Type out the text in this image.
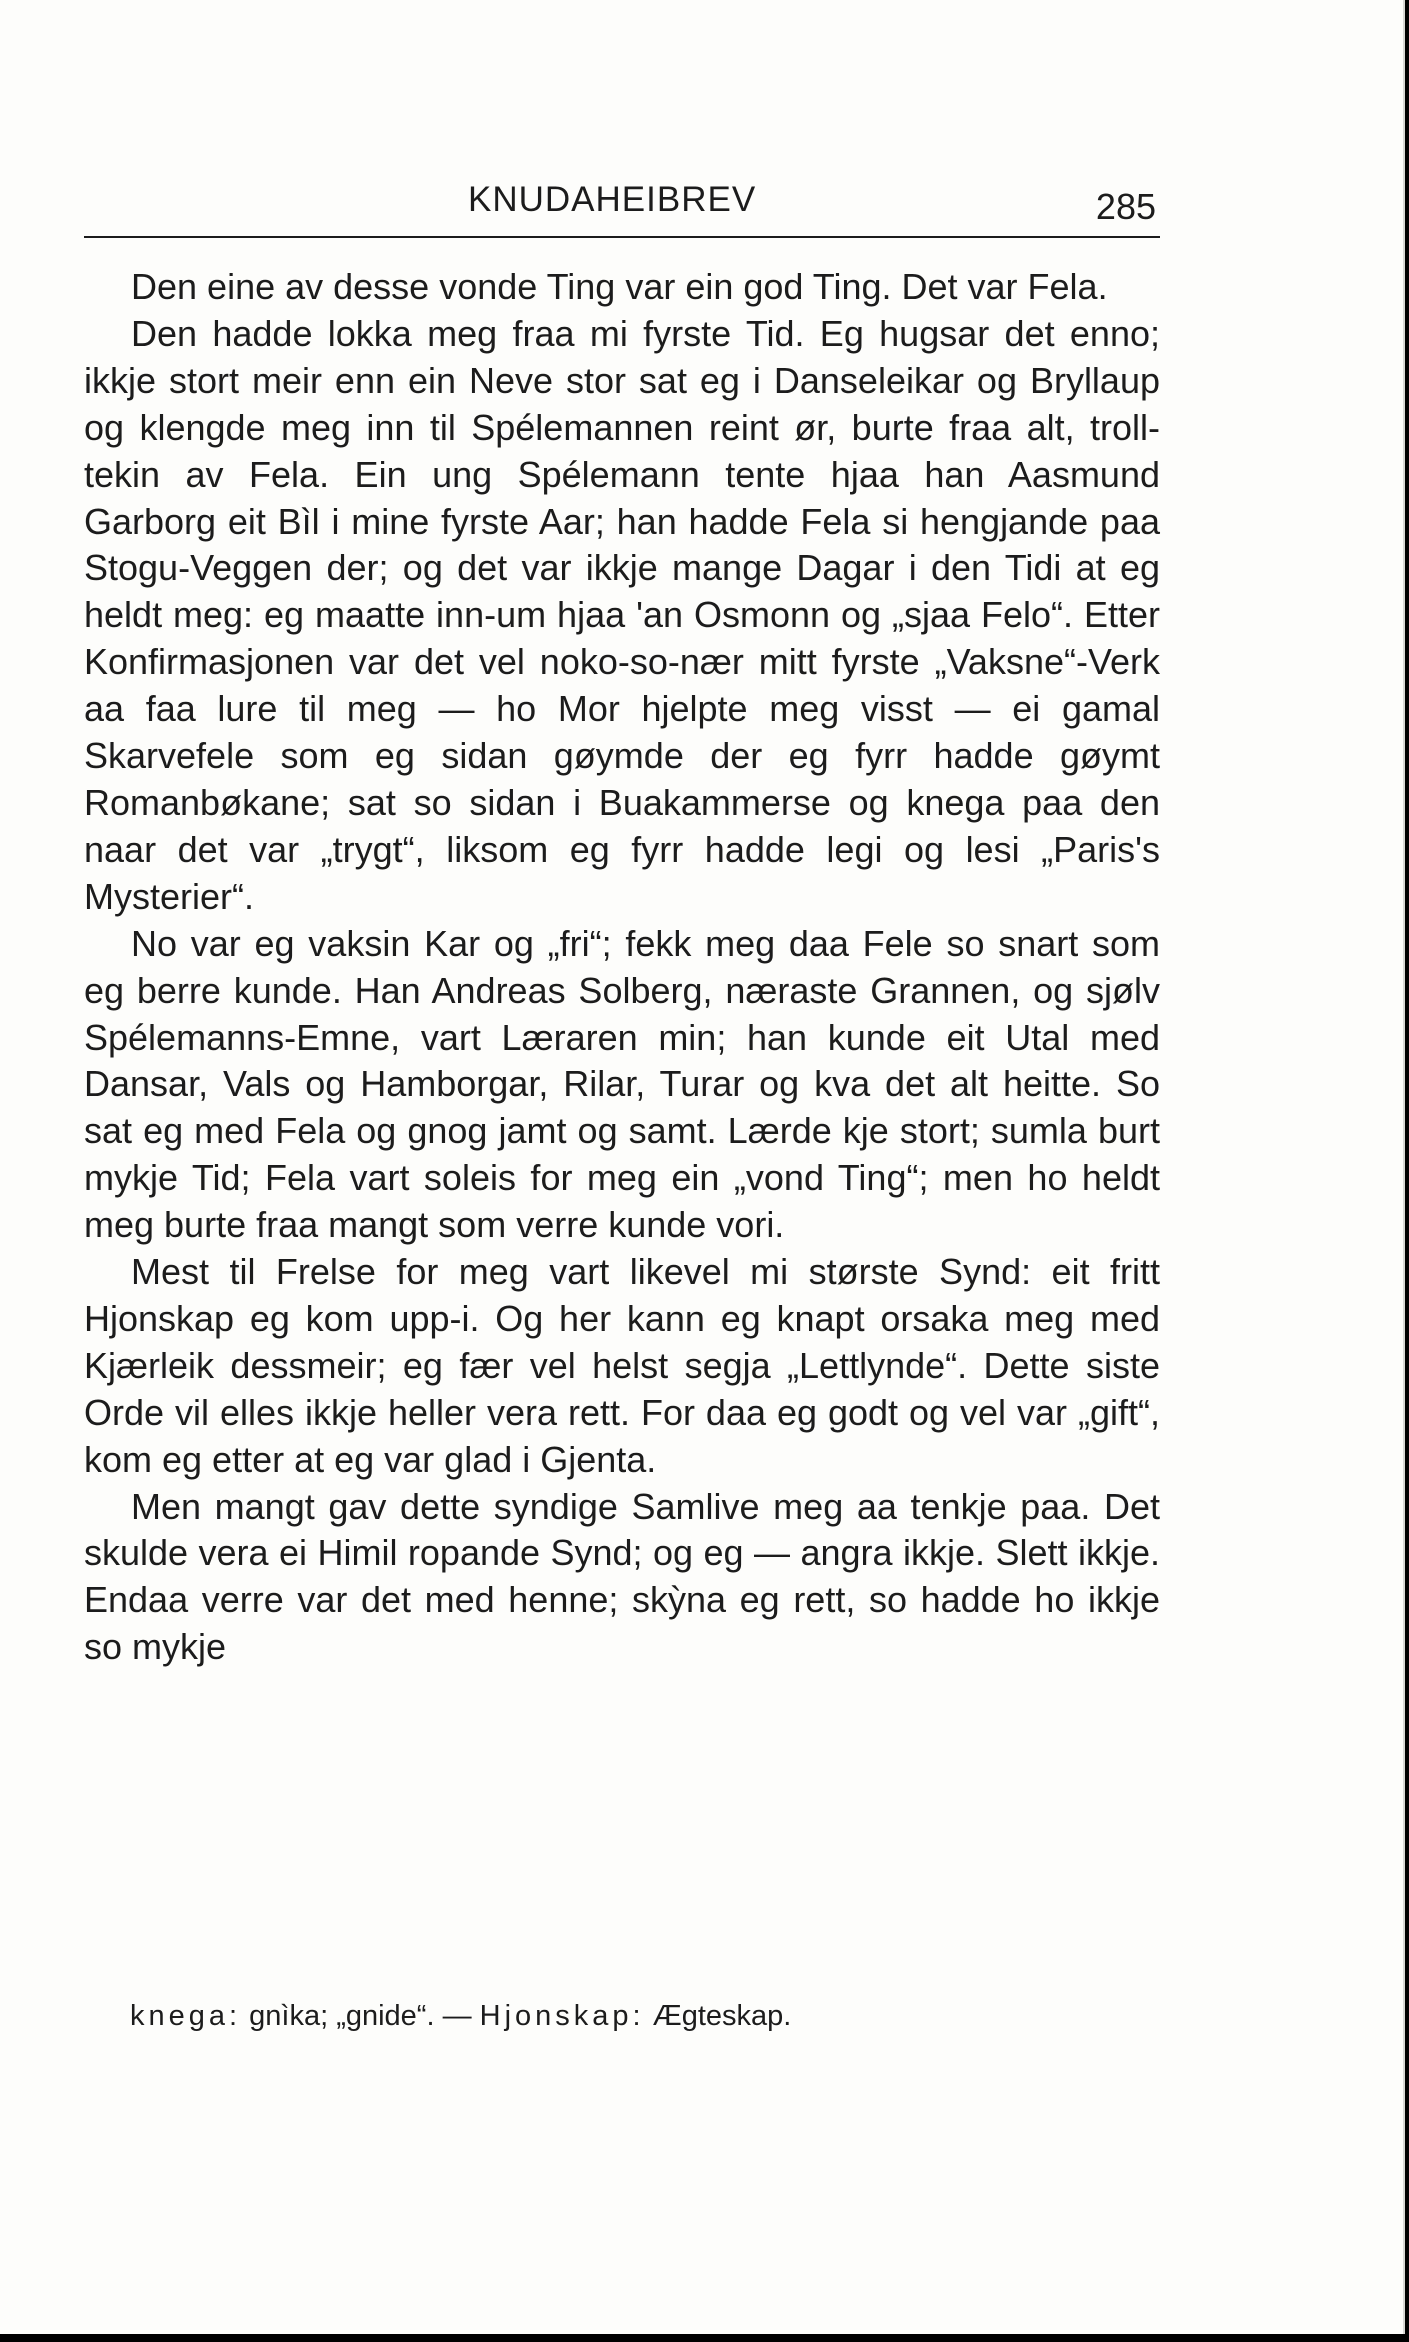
KNUDAHEIBREV	285

Den eine av desse vonde Ting var ein god Ting. Det var Fela.

Den hadde lokka meg fraa mi fyrste Tid. Eg hugsar det enno; ikkje stort meir enn ein Neve stor sat eg i Danseleikar og Bryllaup og klengde meg inn til Spélemannen reint ør, burte fraa alt, troll-tekin av Fela. Ein ung Spélemann tente hjaa han Aasmund Garborg eit Bìl i mine fyrste Aar; han hadde Fela si hengjande paa Stogu-Veggen der; og det var ikkje mange Dagar i den Tidi at eg heldt meg: eg maatte inn-um hjaa 'an Osmonn og „sjaa Felo“. Etter Konfirmasjonen var det vel noko-so-nær mitt fyrste „Vaksne“-Verk aa faa lure til meg — ho Mor hjelpte meg visst — ei gamal Skarvefele som eg sidan gøymde der eg fyrr hadde gøymt Romanbøkane; sat so sidan i Buakammerse og knega paa den naar det var „trygt“, liksom eg fyrr hadde legi og lesi „Paris's Mysterier“.

No var eg vaksin Kar og „fri“; fekk meg daa Fele so snart som eg berre kunde. Han Andreas Solberg, næraste Grannen, og sjølv Spélemanns-Emne, vart Læraren min; han kunde eit Utal med Dansar, Vals og Hamborgar, Rilar, Turar og kva det alt heitte. So sat eg med Fela og gnog jamt og samt. Lærde kje stort; sumla burt mykje Tid; Fela vart soleis for meg ein „vond Ting“; men ho heldt meg burte fraa mangt som verre kunde vori.

Mest til Frelse for meg vart likevel mi største Synd: eit fritt Hjonskap eg kom upp-i. Og her kann eg knapt orsaka meg med Kjærleik dessmeir; eg fær vel helst segja „Lettlynde“. Dette siste Orde vil elles ikkje heller vera rett. For daa eg godt og vel var „gift“, kom eg etter at eg var glad i Gjenta.

Men mangt gav dette syndige Samlive meg aa tenkje paa. Det skulde vera ei Himil ropande Synd; og eg — angra ikkje. Slett ikkje. Endaa verre var det med henne; skỳna eg rett, so hadde ho ikkje so mykje

knega: gnìka; „gnide“. — Hjonskap: Ægteskap.
